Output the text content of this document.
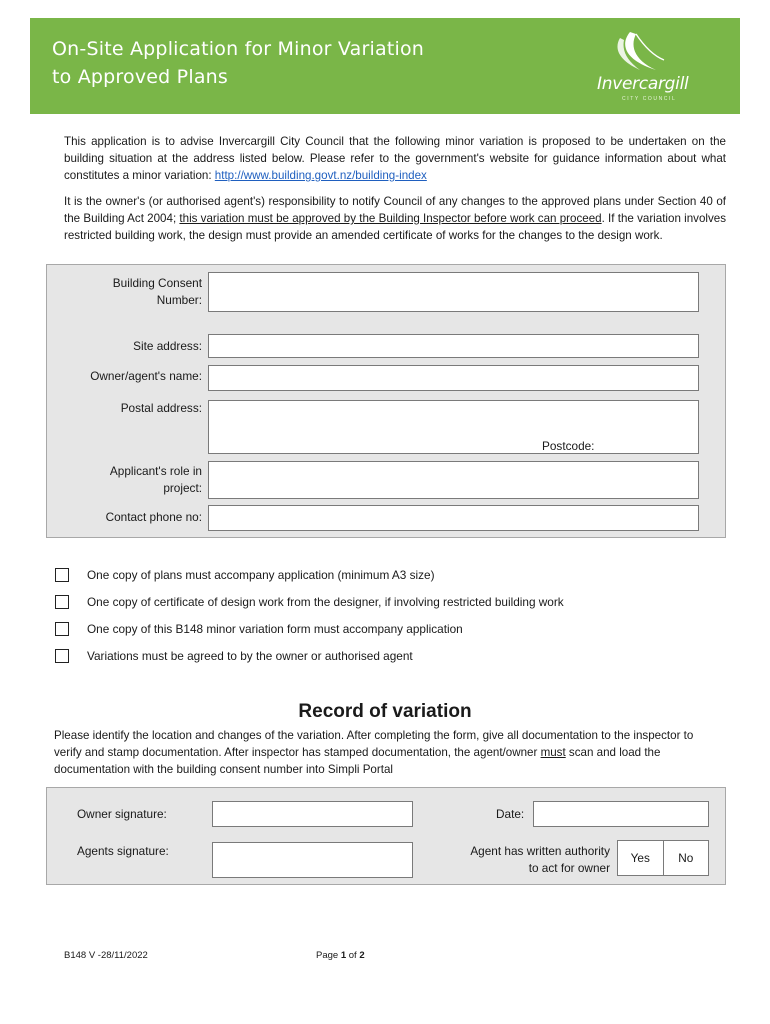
On-Site Application for Minor Variation
to Approved Plans	Invercargill
CITY COUNCIL
This application is to advise Invercargill City Council that the following minor variation is proposed to be undertaken on the building situation at the address listed below. Please refer to the government's website for guidance information about what constitutes a minor variation: http://www.building.govt.nz/building-index
It is the owner's (or authorised agent's) responsibility to notify Council of any changes to the approved plans under Section 40 of the Building Act 2004; this variation must be approved by the Building Inspector before work can proceed. If the variation involves restricted building work, the design must provide an amended certificate of works for the changes to the design work.
Building Consent
Number:
Site address:
Owner/agent's name:
Postal address:
Postcode:
Applicant's role in
project:
Contact phone no:
One copy of plans must accompany application (minimum A3 size)
One copy of certificate of design work from the designer, if involving restricted building work
One copy of this B148 minor variation form must accompany application
Variations must be agreed to by the owner or authorised agent
Record of variation
Please identify the location and changes of the variation. After completing the form, give all documentation to the inspector to verify and stamp documentation. After inspector has stamped documentation, the agent/owner must scan and load the documentation with the building consent number into Simpli Portal
Owner signature:	Date:
Agents signature:	Agent has written authority
to act for owner
Yes	No
B148 V -28/11/2022	Page 1 of 2
